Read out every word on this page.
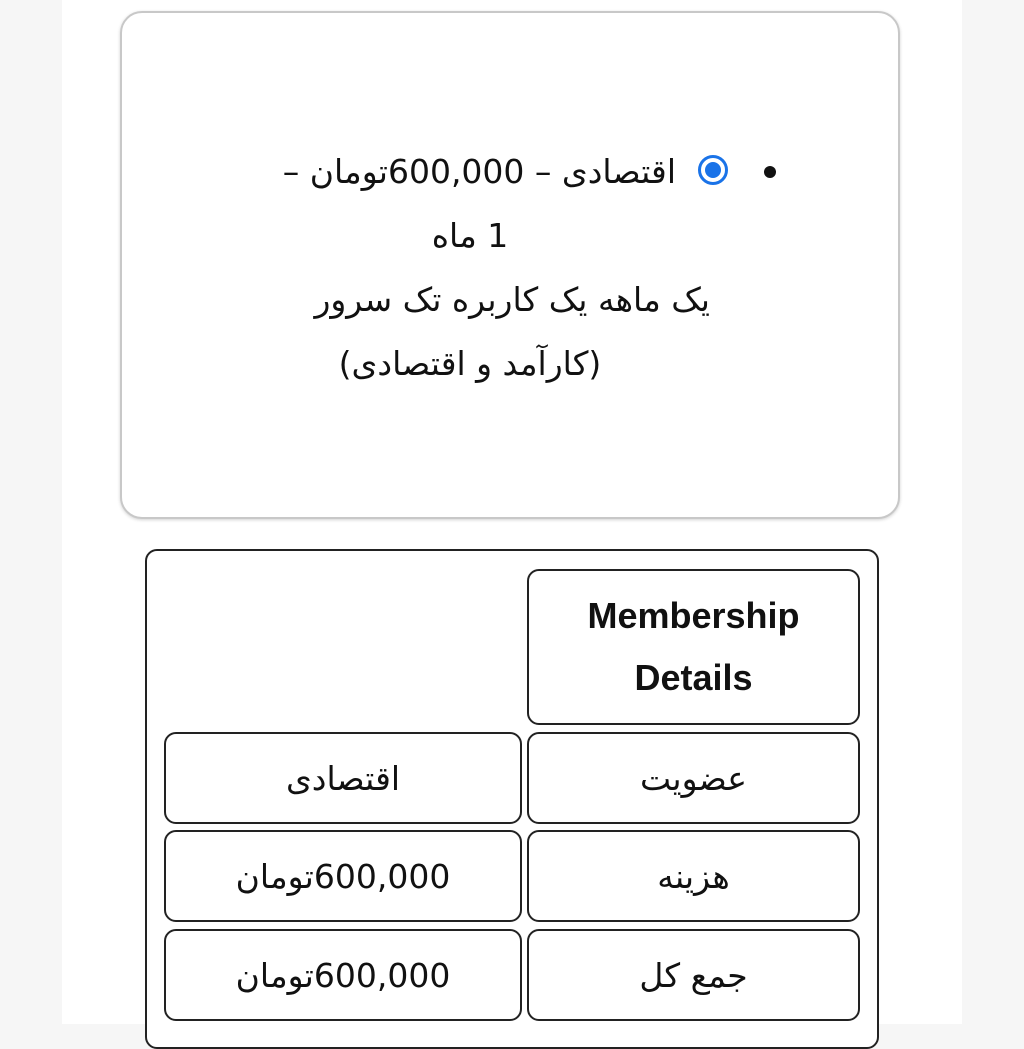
اقتصادی – 600,000تومان –
1 ماه
یک ماهه یک کاربره تک سرور
(کارآمد و اقتصادی)
Membership Details
عضویت
اقتصادی
هزینه
600,000تومان
جمع کل
600,000تومان
